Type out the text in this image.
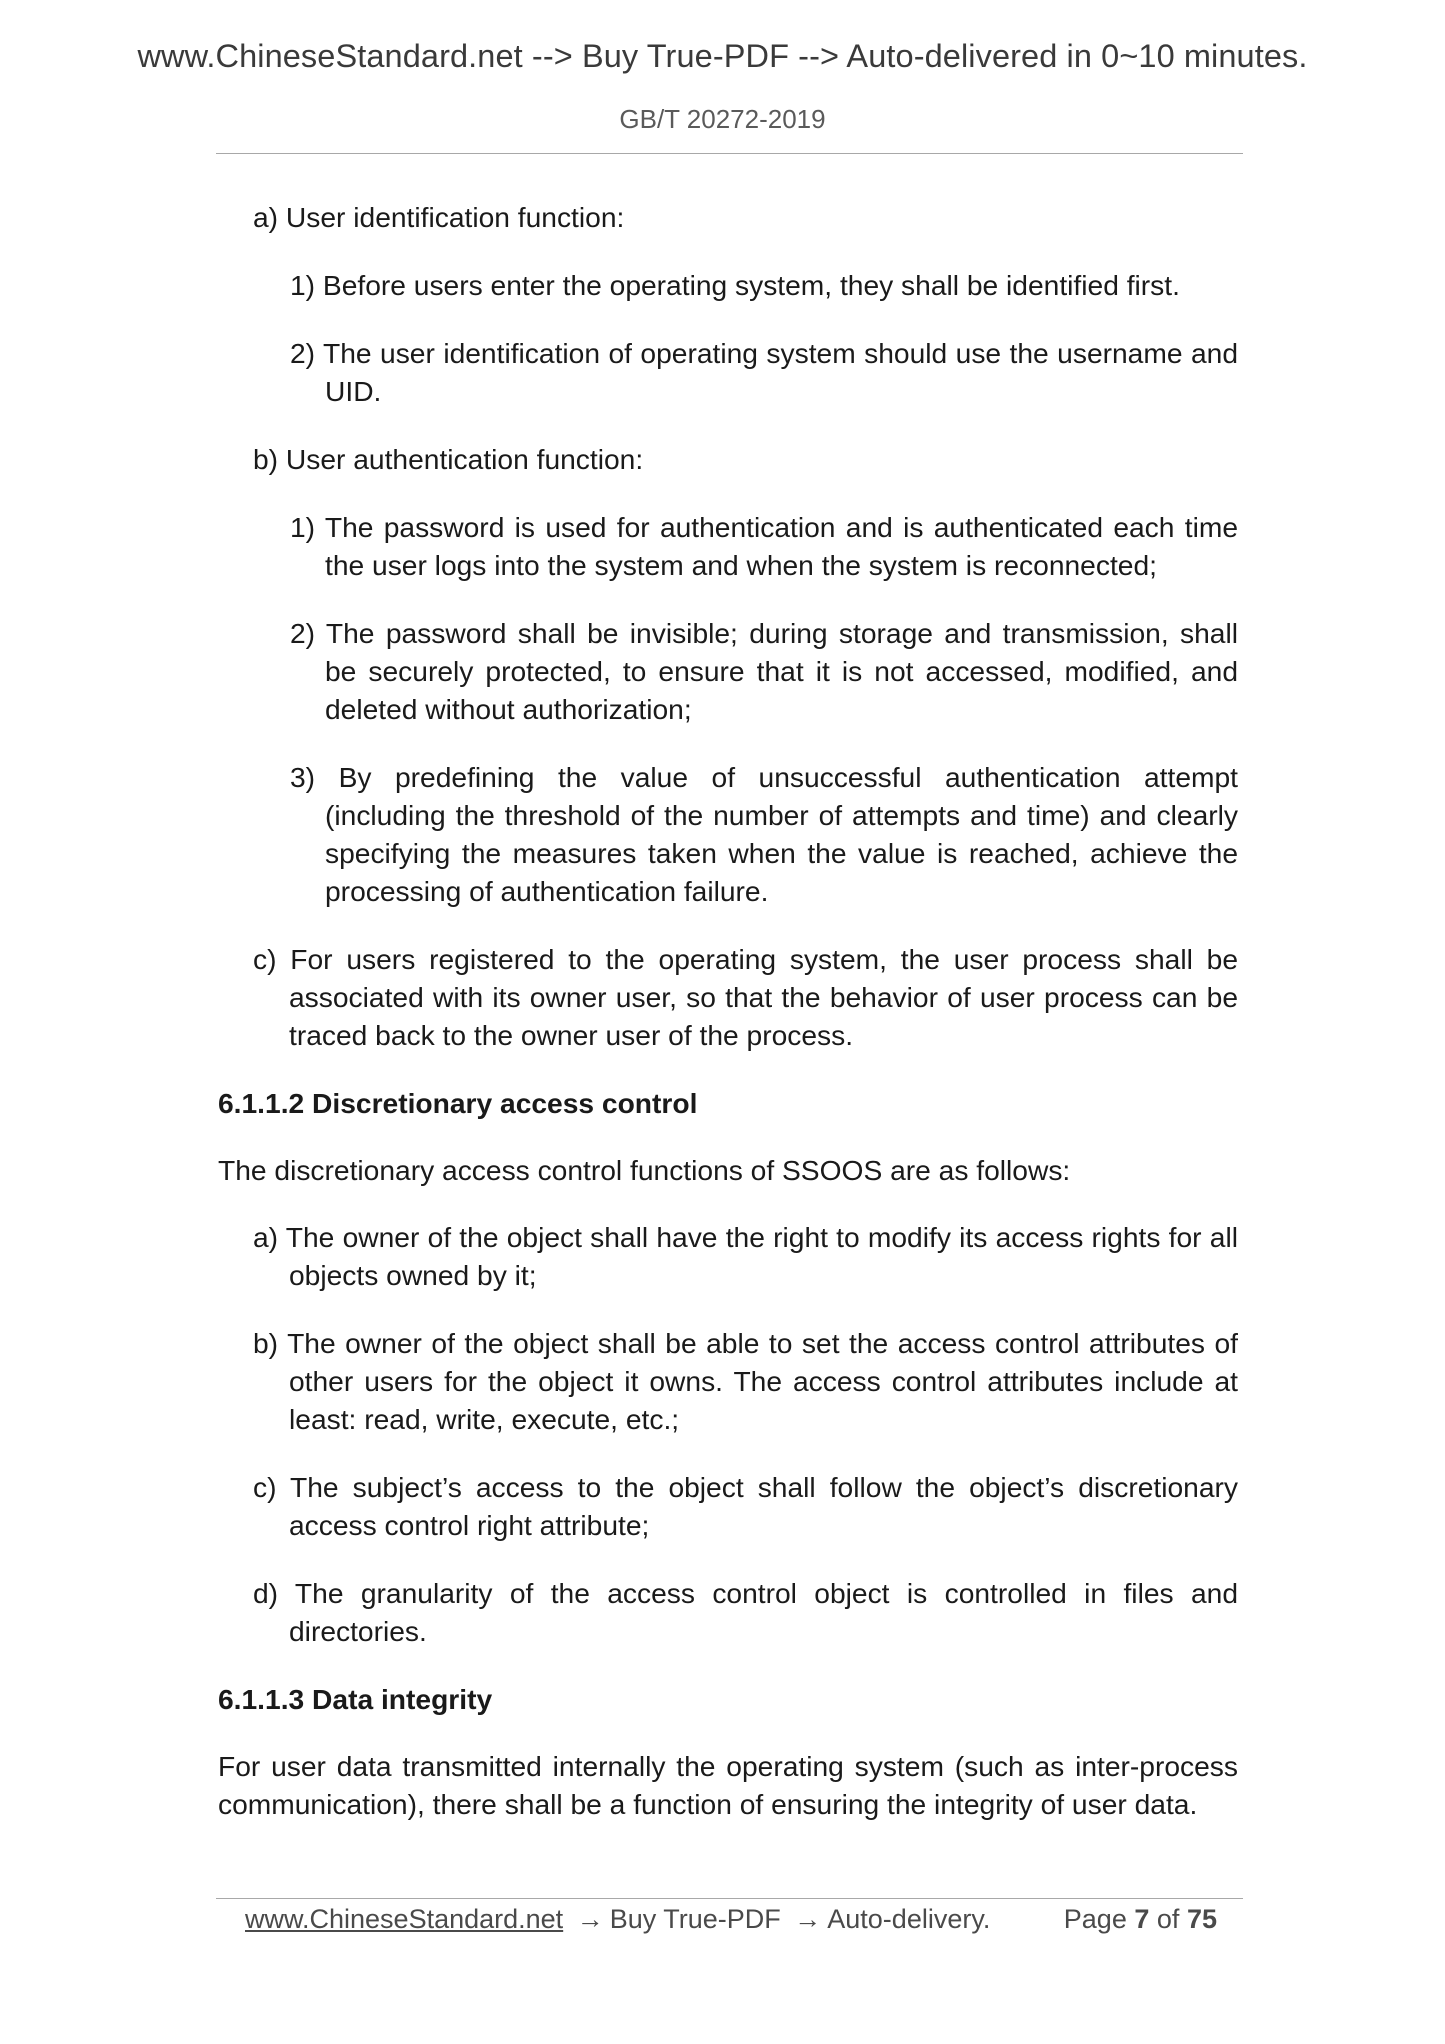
www.ChineseStandard.net --> Buy True-PDF --> Auto-delivered in 0~10 minutes.
GB/T 20272-2019
a) User identification function:
1) Before users enter the operating system, they shall be identified first.
2) The user identification of operating system should use the username and UID.
b) User authentication function:
1) The password is used for authentication and is authenticated each time the user logs into the system and when the system is reconnected;
2) The password shall be invisible; during storage and transmission, shall be securely protected, to ensure that it is not accessed, modified, and deleted without authorization;
3) By predefining the value of unsuccessful authentication attempt (including the threshold of the number of attempts and time) and clearly specifying the measures taken when the value is reached, achieve the processing of authentication failure.
c) For users registered to the operating system, the user process shall be associated with its owner user, so that the behavior of user process can be traced back to the owner user of the process.
6.1.1.2 Discretionary access control
The discretionary access control functions of SSOOS are as follows:
a) The owner of the object shall have the right to modify its access rights for all objects owned by it;
b) The owner of the object shall be able to set the access control attributes of other users for the object it owns. The access control attributes include at least: read, write, execute, etc.;
c) The subject’s access to the object shall follow the object’s discretionary access control right attribute;
d) The granularity of the access control object is controlled in files and directories.
6.1.1.3 Data integrity
For user data transmitted internally the operating system (such as inter-process communication), there shall be a function of ensuring the integrity of user data.
www.ChineseStandard.net → Buy True-PDF → Auto-delivery.	Page 7 of 75
